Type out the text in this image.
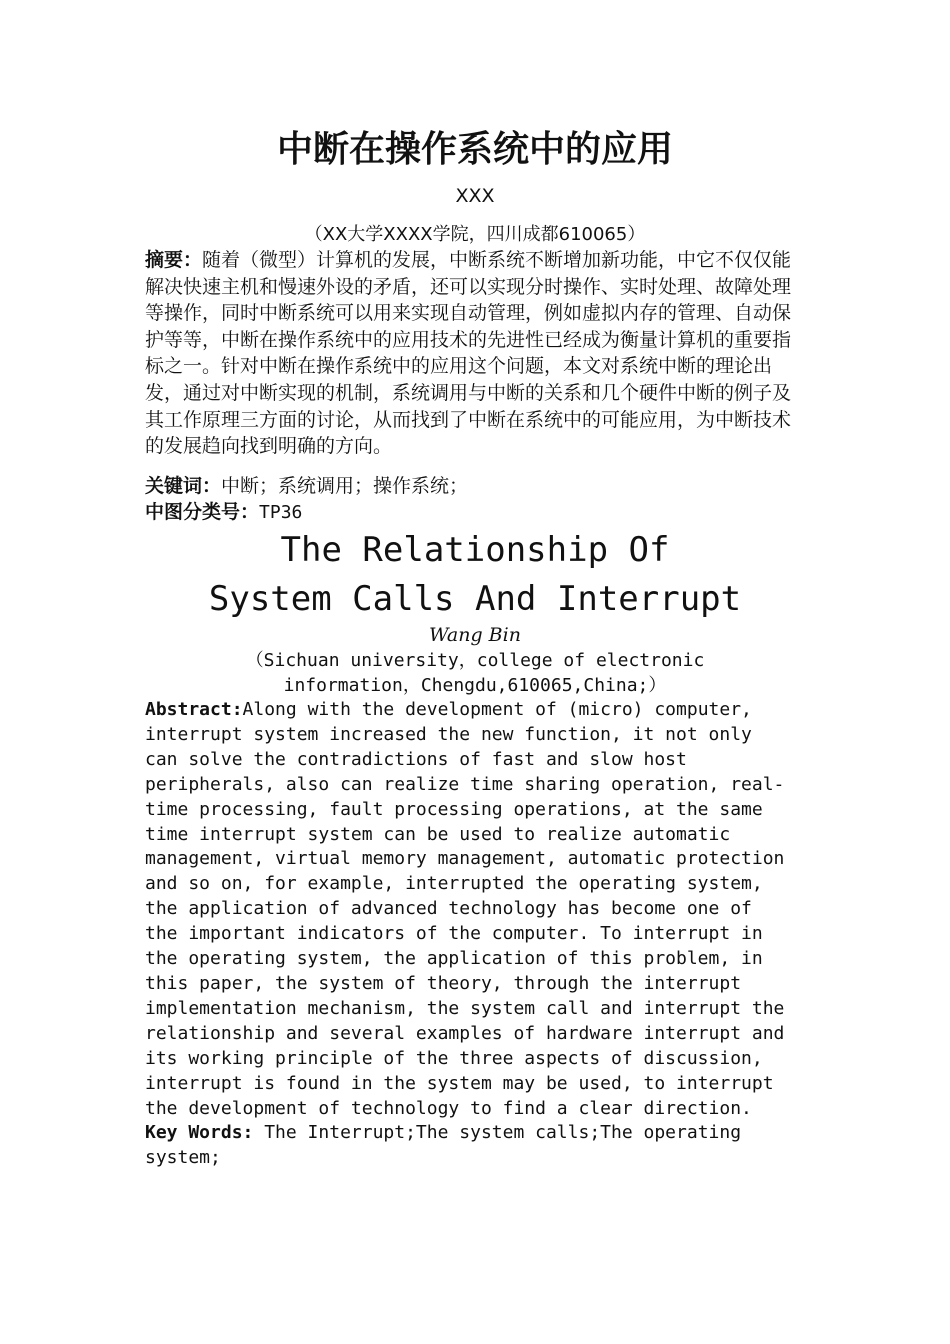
中断在操作系统中的应用
XXX
（XX大学XXXX学院，四川成都610065）
摘要：随着（微型）计算机的发展，中断系统不断增加新功能，中它不仅仅能解决快速主机和慢速外设的矛盾，还可以实现分时操作、实时处理、故障处理等操作，同时中断系统可以用来实现自动管理，例如虚拟内存的管理、自动保护等等，中断在操作系统中的应用技术的先进性已经成为衡量计算机的重要指标之一。针对中断在操作系统中的应用这个问题，本文对系统中断的理论出发，通过对中断实现的机制，系统调用与中断的关系和几个硬件中断的例子及其工作原理三方面的讨论，从而找到了中断在系统中的可能应用，为中断技术的发展趋向找到明确的方向。
关键词：中断；系统调用；操作系统；
中图分类号：TP36
The Relationship Of
System Calls And Interrupt
Wang Bin
（Sichuan university，college of electronic
information，Chengdu,610065,China;）
Abstract:Along with the development of (micro) computer,
interrupt system increased the new function, it not only
can solve the contradictions of fast and slow host
peripherals, also can realize time sharing operation, real-
time processing, fault processing operations, at the same
time interrupt system can be used to realize automatic
management, virtual memory management, automatic protection
and so on, for example, interrupted the operating system,
the application of advanced technology has become one of
the important indicators of the computer. To interrupt in
the operating system, the application of this problem, in
this paper, the system of theory, through the interrupt
implementation mechanism, the system call and interrupt the
relationship and several examples of hardware interrupt and
its working principle of the three aspects of discussion,
interrupt is found in the system may be used, to interrupt
the development of technology to find a clear direction.
Key Words: The Interrupt;The system calls;The operating
system;
